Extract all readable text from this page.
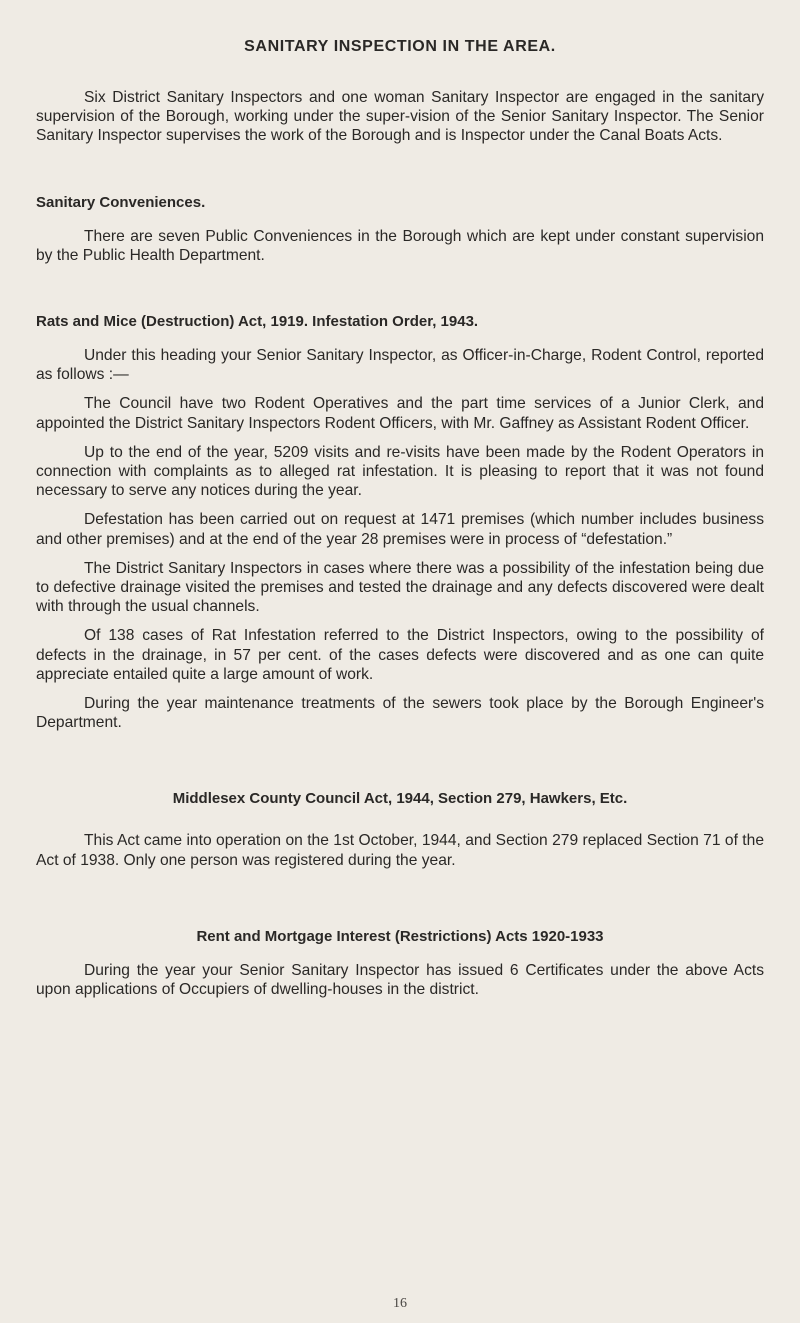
SANITARY INSPECTION IN THE AREA.

Six District Sanitary Inspectors and one woman Sanitary Inspector are engaged in the sanitary supervision of the Borough, working under the super-vision of the Senior Sanitary Inspector. The Senior Sanitary Inspector supervises the work of the Borough and is Inspector under the Canal Boats Acts.

Sanitary Conveniences.

There are seven Public Conveniences in the Borough which are kept under constant supervision by the Public Health Department.

Rats and Mice (Destruction) Act, 1919. Infestation Order, 1943.

Under this heading your Senior Sanitary Inspector, as Officer-in-Charge, Rodent Control, reported as follows :—

The Council have two Rodent Operatives and the part time services of a Junior Clerk, and appointed the District Sanitary Inspectors Rodent Officers, with Mr. Gaffney as Assistant Rodent Officer.

Up to the end of the year, 5209 visits and re-visits have been made by the Rodent Operators in connection with complaints as to alleged rat infestation. It is pleasing to report that it was not found necessary to serve any notices during the year.

Defestation has been carried out on request at 1471 premises (which number includes business and other premises) and at the end of the year 28 premises were in process of “defestation.”

The District Sanitary Inspectors in cases where there was a possibility of the infestation being due to defective drainage visited the premises and tested the drainage and any defects discovered were dealt with through the usual channels.

Of 138 cases of Rat Infestation referred to the District Inspectors, owing to the possibility of defects in the drainage, in 57 per cent. of the cases defects were discovered and as one can quite appreciate entailed quite a large amount of work.

During the year maintenance treatments of the sewers took place by the Borough Engineer's Department.

Middlesex County Council Act, 1944, Section 279, Hawkers, Etc.

This Act came into operation on the 1st October, 1944, and Section 279 replaced Section 71 of the Act of 1938. Only one person was registered during the year.

Rent and Mortgage Interest (Restrictions) Acts 1920-1933

During the year your Senior Sanitary Inspector has issued 6 Certificates under the above Acts upon applications of Occupiers of dwelling-houses in the district.

16
